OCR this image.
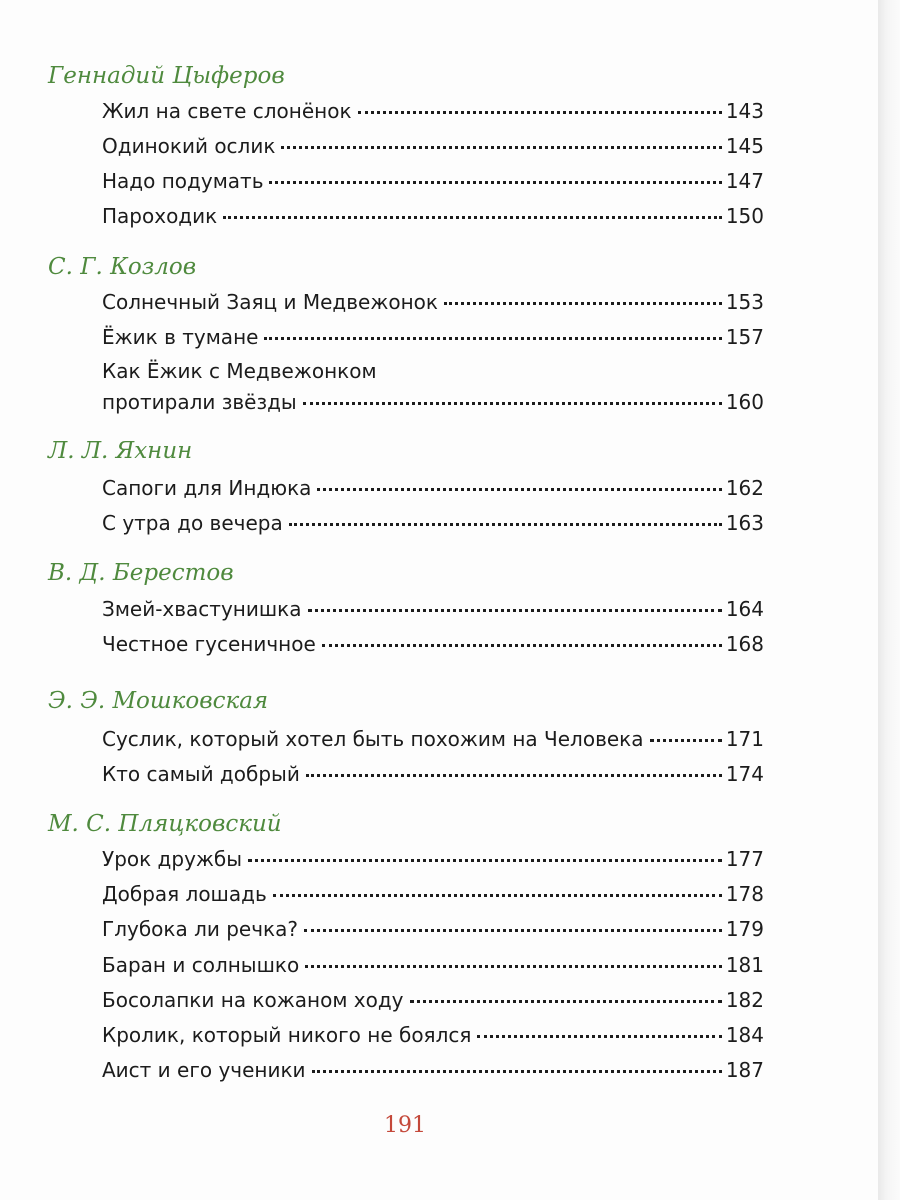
Геннадий Цыферов
Жил на свете слонёнок	143
Одинокий ослик	145
Надо подумать	147
Пароходик	150
С. Г. Козлов
Солнечный Заяц и Медвежонок	153
Ёжик в тумане	157
Как Ёжик с Медвежонком
протирали звёзды	160
Л. Л. Яхнин
Сапоги для Индюка	162
С утра до вечера	163
В. Д. Берестов
Змей-хвастунишка	164
Честное гусеничное	168
Э. Э. Мошковская
Суслик, который хотел быть похожим на Человека	171
Кто самый добрый	174
М. С. Пляцковский
Урок дружбы	177
Добрая лошадь	178
Глубока ли речка?	179
Баран и солнышко	181
Босолапки на кожаном ходу	182
Кролик, который никого не боялся	184
Аист и его ученики	187
191
